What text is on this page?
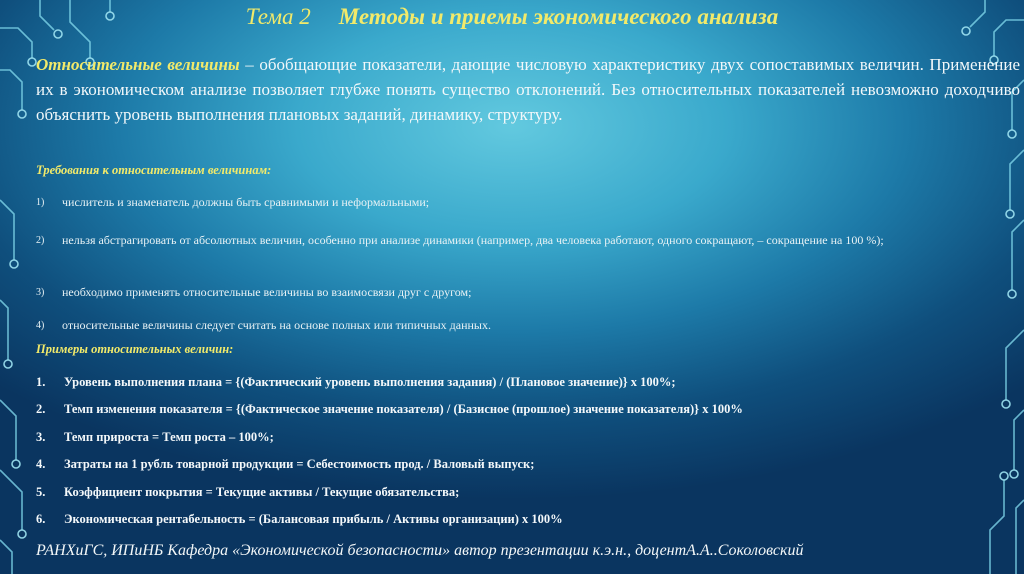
Тема 2 Методы и приемы экономического анализа
Относительные величины – обобщающие показатели, дающие числовую характеристику двух сопоставимых величин. Применение их в экономическом анализе позволяет глубже понять существо отклонений. Без относительных показателей невозможно доходчиво объяснить уровень выполнения плановых заданий, динамику, структуру.
Требования к относительным величинам:
1) числитель и знаменатель должны быть сравнимыми и неформальными;
2) нельзя абстрагировать от абсолютных величин, особенно при анализе динамики (например, два человека работают, одного сокращают, – сокращение на 100 %);
3) необходимо применять относительные величины во взаимосвязи друг с другом;
4) относительные величины следует считать на основе полных или типичных данных.
Примеры относительных величин:
1. Уровень выполнения плана = {(Фактический уровень выполнения задания) / (Плановое значение)} х 100%;
2. Темп изменения показателя = {(Фактическое значение показателя) / (Базисное (прошлое) значение показателя)} х 100%
3. Темп прироста = Темп роста – 100%;
4. Затраты на 1 рубль товарной продукции = Себестоимость прод. / Валовый выпуск;
5. Коэффициент покрытия = Текущие активы / Текущие обязательства;
6. Экономическая рентабельность = (Балансовая прибыль / Активы организации) х 100%
РАНХиГС, ИПиНБ Кафедра «Экономической безопасности» автор презентации к.э.н., доцентА.А..Соколовский
